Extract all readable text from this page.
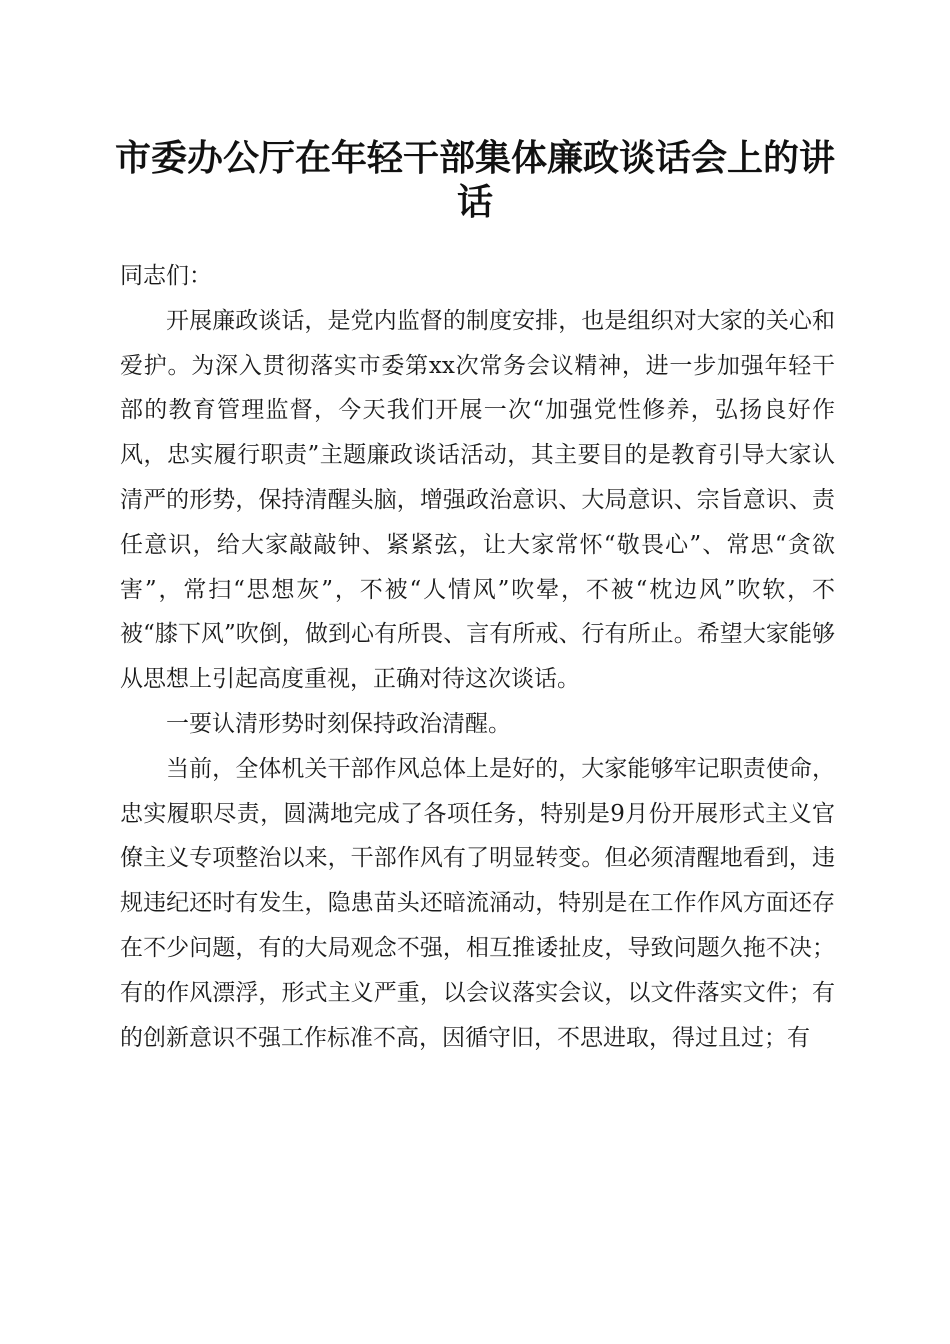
市委办公厅在年轻干部集体廉政谈话会上的讲话

同志们：

开展廉政谈话，是党内监督的制度安排，也是组织对大家的关心和爱护。为深入贯彻落实市委第xx次常务会议精神，进一步加强年轻干部的教育管理监督，今天我们开展一次“加强党性修养，弘扬良好作风，忠实履行职责”主题廉政谈话活动，其主要目的是教育引导大家认清严的形势，保持清醒头脑，增强政治意识、大局意识、宗旨意识、责任意识，给大家敲敲钟、紧紧弦，让大家常怀“敬畏心”、常思“贪欲害”，常扫“思想灰”，不被“人情风”吹晕，不被“枕边风”吹软，不被“膝下风”吹倒，做到心有所畏、言有所戒、行有所止。希望大家能够从思想上引起高度重视，正确对待这次谈话。

一要认清形势时刻保持政治清醒。

当前，全体机关干部作风总体上是好的，大家能够牢记职责使命，忠实履职尽责，圆满地完成了各项任务，特别是9月份开展形式主义官僚主义专项整治以来，干部作风有了明显转变。但必须清醒地看到，违规违纪还时有发生，隐患苗头还暗流涌动，特别是在工作作风方面还存在不少问题，有的大局观念不强，相互推诿扯皮，导致问题久拖不决；有的作风漂浮，形式主义严重，以会议落实会议，以文件落实文件；有的创新意识不强工作标准不高，因循守旧，不思进取，得过且过；有
